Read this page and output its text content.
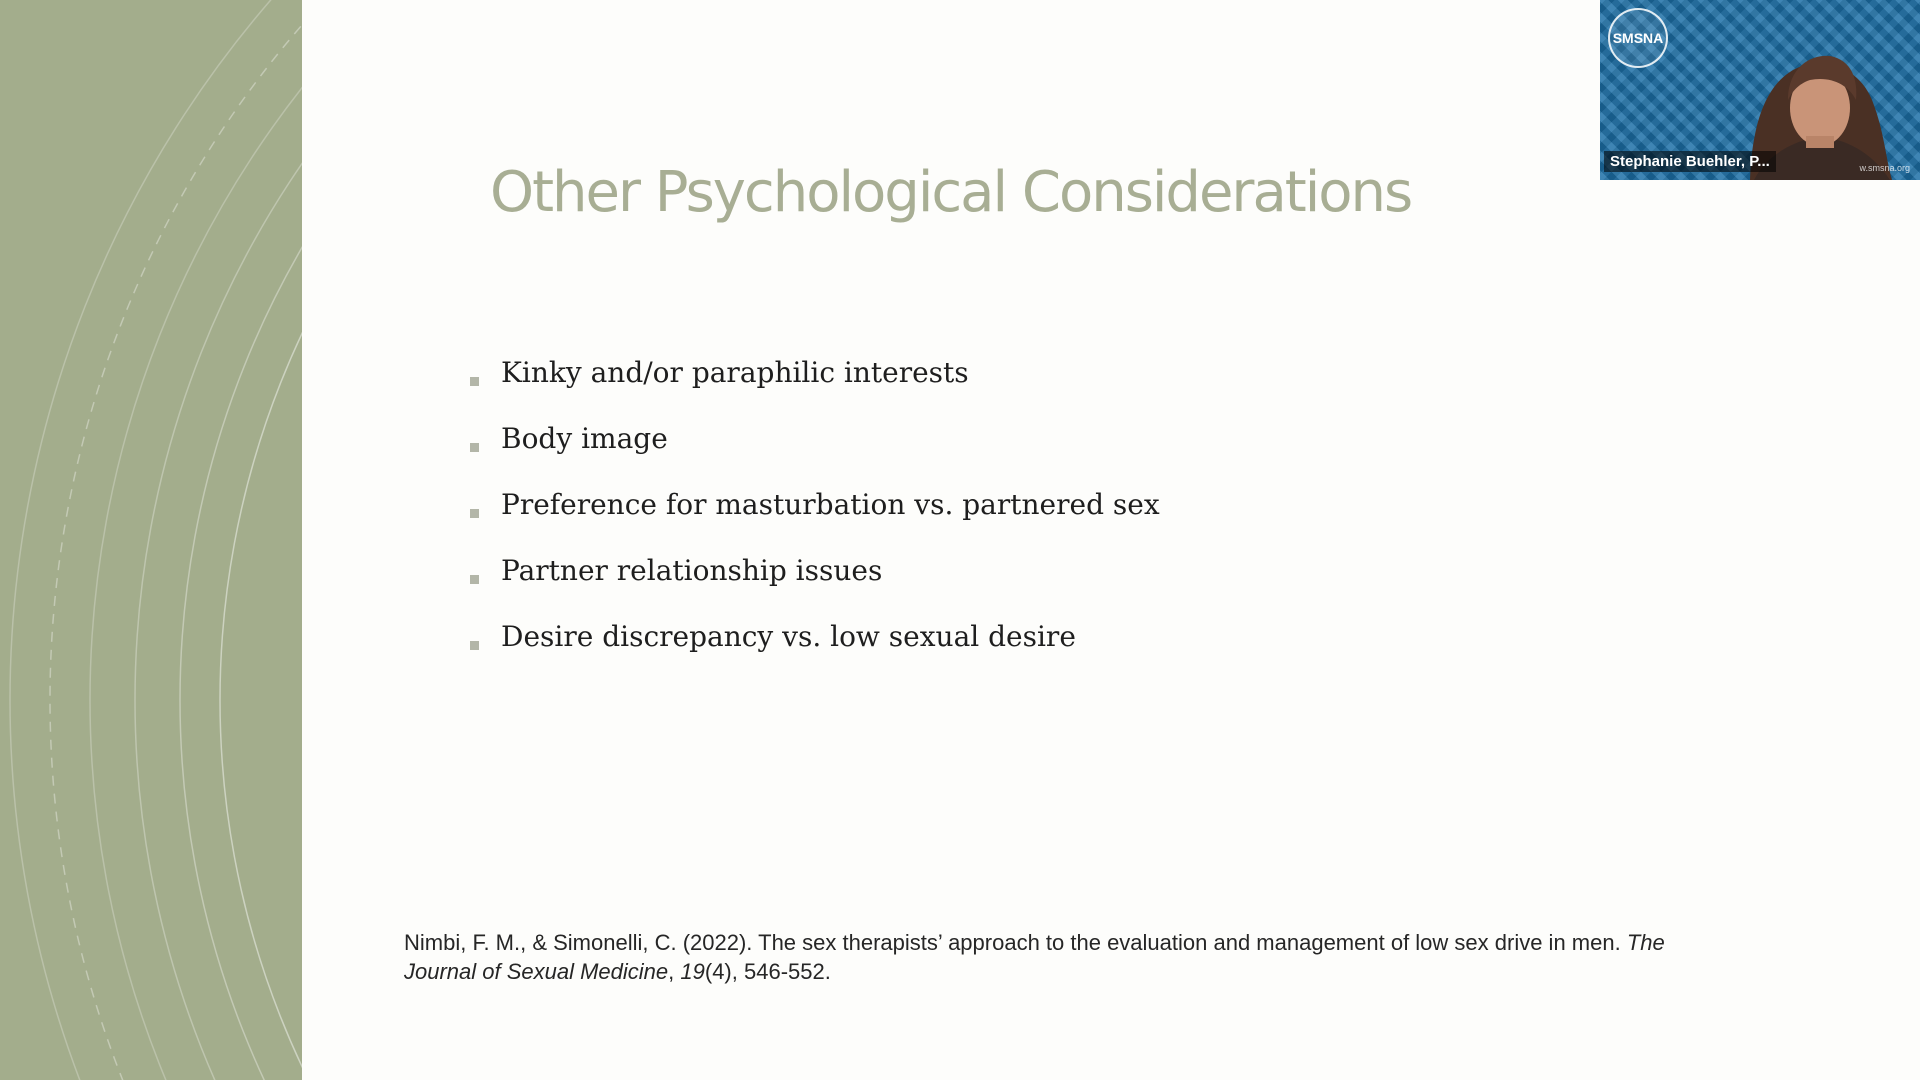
Other Psychological Considerations
Kinky and/or paraphilic interests
Body image
Preference for masturbation vs. partnered sex
Partner relationship issues
Desire discrepancy vs. low sexual desire

Nimbi, F. M., & Simonelli, C. (2022). The sex therapists’ approach to the evaluation and management of low sex drive in men. The Journal of Sexual Medicine, 19(4), 546-552.

SMSNA
Stephanie Buehler, P...	w.smsna.org
